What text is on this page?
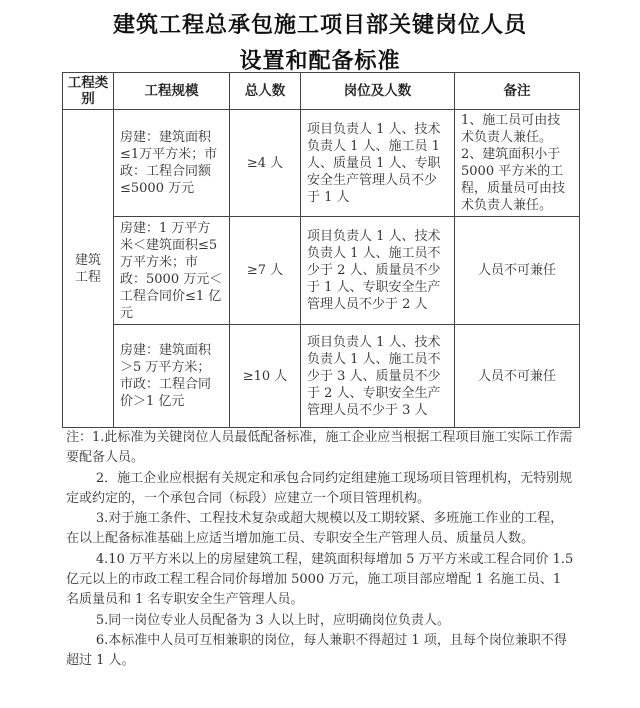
建筑工程总承包施工项目部关键岗位人员
设置和配备标准
工程类别	工程规模	总人数	岗位及人数	备注
建筑工程	房建：建筑面积≤1万平方米；市政：工程合同额≤5000 万元	≥4 人	项目负责人 1 人、技术负责人 1 人、施工员 1 人、质量员 1 人、专职安全生产管理人员不少于 1 人	1、施工员可由技术负责人兼任。2、建筑面积小于 5000 平方米的工程，质量员可由技术负责人兼任。
	房建：1 万平方米＜建筑面积≤5 万平方米；市政：5000 万元＜工程合同价≤1 亿元	≥7 人	项目负责人 1 人、技术负责人 1 人、施工员不少于 2 人、质量员不少于 1 人、专职安全生产管理人员不少于 2 人	人员不可兼任
	房建：建筑面积＞5 万平方米；市政：工程合同价＞1 亿元	≥10 人	项目负责人 1 人、技术负责人 1 人、施工员不少于 3 人、质量员不少于 2 人、专职安全生产管理人员不少于 3 人	人员不可兼任

注：1.此标准为关键岗位人员最低配备标准，施工企业应当根据工程项目施工实际工作需要配备人员。

2．施工企业应根据有关规定和承包合同约定组建施工现场项目管理机构，无特别规定或约定的，一个承包合同（标段）应建立一个项目管理机构。

3.对于施工条件、工程技术复杂或超大规模以及工期较紧、多班施工作业的工程，在以上配备标准基础上应适当增加施工员、专职安全生产管理人员、质量员人数。

4.10 万平方米以上的房屋建筑工程，建筑面积每增加 5 万平方米或工程合同价 1.5 亿元以上的市政工程工程合同价每增加 5000 万元，施工项目部应增配 1 名施工员、1 名质量员和 1 名专职安全生产管理人员。

5.同一岗位专业人员配备为 3 人以上时，应明确岗位负责人。

6.本标准中人员可互相兼职的岗位，每人兼职不得超过 1 项，且每个岗位兼职不得超过 1 人。
